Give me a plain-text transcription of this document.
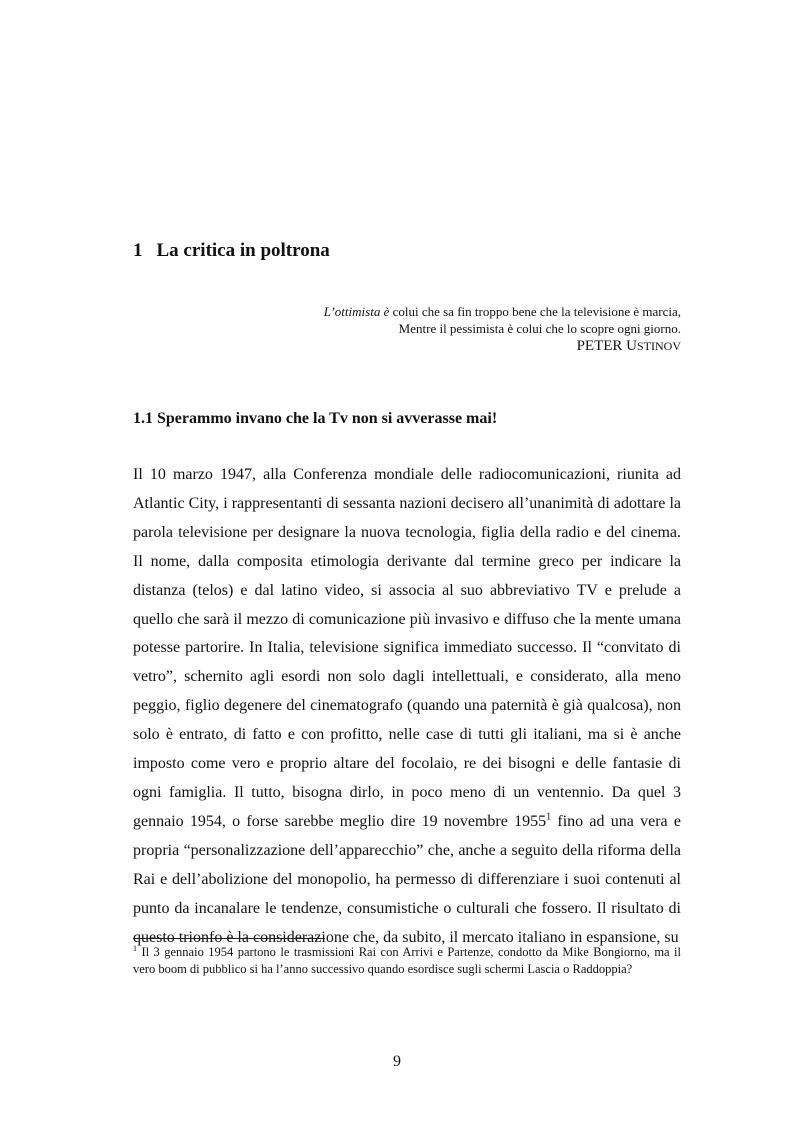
1 La critica in poltrona
L’ottimista è colui che sa fin troppo bene che la televisione è marcia,
Mentre il pessimista è colui che lo scopre ogni giorno.
PETER USTINOV
1.1 Sperammo invano che la Tv non si avverasse mai!

Il 10 marzo 1947, alla Conferenza mondiale delle radiocomunicazioni, riunita ad Atlantic City, i rappresentanti di sessanta nazioni decisero all’unanimità di adottare la parola televisione per designare la nuova tecnologia, figlia della radio e del cinema. Il nome, dalla composita etimologia derivante dal termine greco per indicare la distanza (telos) e dal latino video, si associa al suo abbreviativo TV e prelude a quello che sarà il mezzo di comunicazione più invasivo e diffuso che la mente umana potesse partorire. In Italia, televisione significa immediato successo. Il “convitato di vetro”, schernito agli esordi non solo dagli intellettuali, e considerato, alla meno peggio, figlio degenere del cinematografo (quando una paternità è già qualcosa), non solo è entrato, di fatto e con profitto, nelle case di tutti gli italiani, ma si è anche imposto come vero e proprio altare del focolaio, re dei bisogni e delle fantasie di ogni famiglia. Il tutto, bisogna dirlo, in poco meno di un ventennio. Da quel 3 gennaio 1954, o forse sarebbe meglio dire 19 novembre 1955$^1$ fino ad una vera e propria “personalizzazione dell’apparecchio” che, anche a seguito della riforma della Rai e dell’abolizione del monopolio, ha permesso di differenziare i suoi contenuti al punto da incanalare le tendenze, consumistiche o culturali che fossero. Il risultato di questo trionfo è la considerazione che, da subito, il mercato italiano in espansione, su

$^1$ Il 3 gennaio 1954 partono le trasmissioni Rai con Arrivi e Partenze, condotto da Mike Bongiorno, ma il vero boom di pubblico si ha l’anno successivo quando esordisce sugli schermi Lascia o Raddoppia?

9
